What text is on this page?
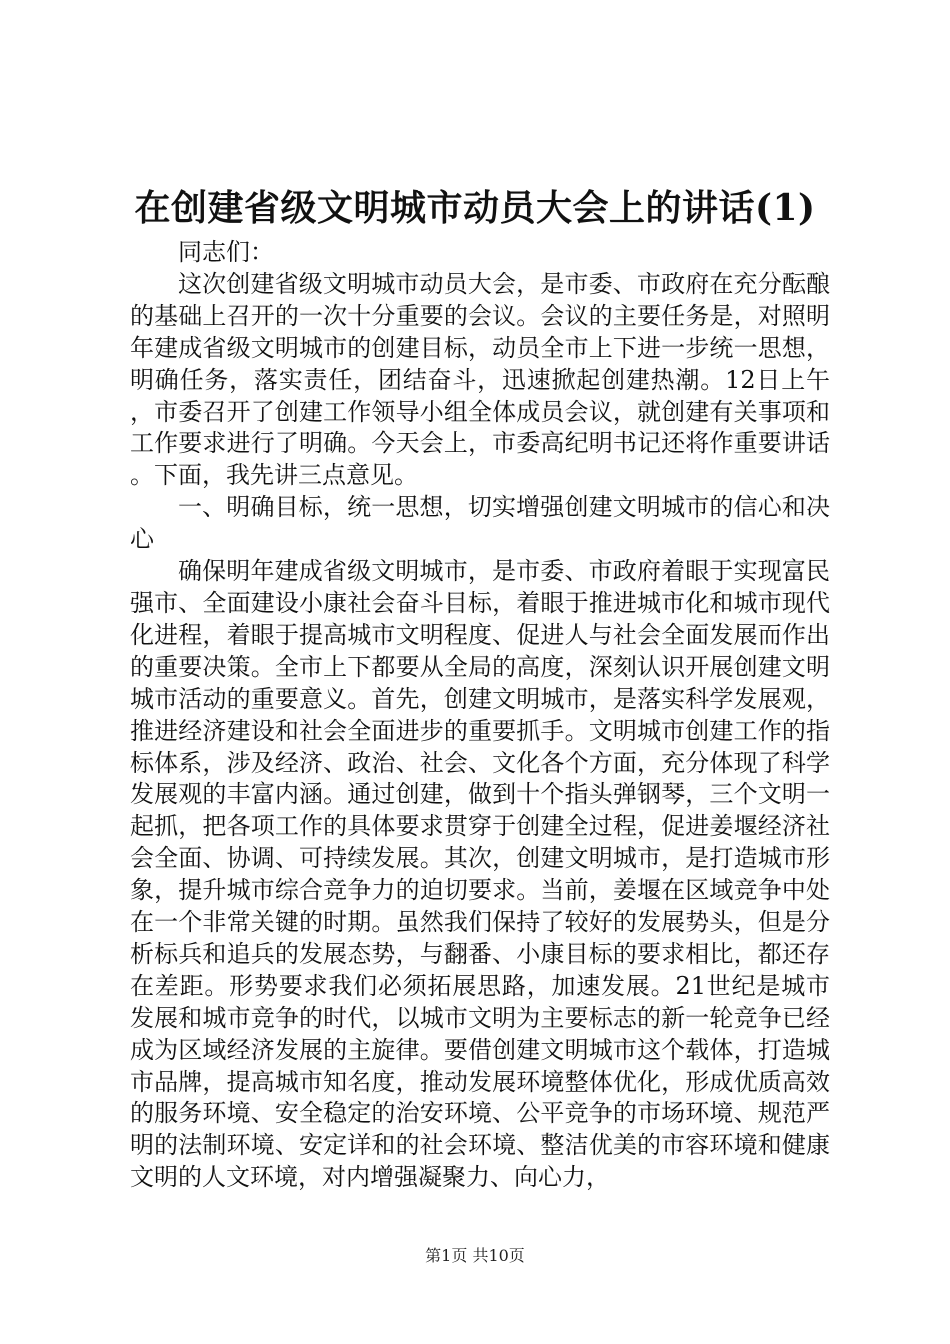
在创建省级文明城市动员大会上的讲话(1)

同志们：

这次创建省级文明城市动员大会，是市委、市政府在充分酝酿的基础上召开的一次十分重要的会议。会议的主要任务是，对照明年建成省级文明城市的创建目标，动员全市上下进一步统一思想，明确任务，落实责任，团结奋斗，迅速掀起创建热潮。12日上午，市委召开了创建工作领导小组全体成员会议，就创建有关事项和工作要求进行了明确。今天会上，市委高纪明书记还将作重要讲话。下面，我先讲三点意见。

一、明确目标，统一思想，切实增强创建文明城市的信心和决心

确保明年建成省级文明城市，是市委、市政府着眼于实现富民强市、全面建设小康社会奋斗目标，着眼于推进城市化和城市现代化进程，着眼于提高城市文明程度、促进人与社会全面发展而作出的重要决策。全市上下都要从全局的高度，深刻认识开展创建文明城市活动的重要意义。首先，创建文明城市，是落实科学发展观，推进经济建设和社会全面进步的重要抓手。文明城市创建工作的指标体系，涉及经济、政治、社会、文化各个方面，充分体现了科学发展观的丰富内涵。通过创建，做到十个指头弹钢琴，三个文明一起抓，把各项工作的具体要求贯穿于创建全过程，促进姜堰经济社会全面、协调、可持续发展。其次，创建文明城市，是打造城市形象，提升城市综合竞争力的迫切要求。当前，姜堰在区域竞争中处在一个非常关键的时期。虽然我们保持了较好的发展势头，但是分析标兵和追兵的发展态势，与翻番、小康目标的要求相比，都还存在差距。形势要求我们必须拓展思路，加速发展。21世纪是城市发展和城市竞争的时代，以城市文明为主要标志的新一轮竞争已经成为区域经济发展的主旋律。要借创建文明城市这个载体，打造城市品牌，提高城市知名度，推动发展环境整体优化，形成优质高效的服务环境、安全稳定的治安环境、公平竞争的市场环境、规范严明的法制环境、安定详和的社会环境、整洁优美的市容环境和健康文明的人文环境，对内增强凝聚力、向心力，

第1页 共10页
